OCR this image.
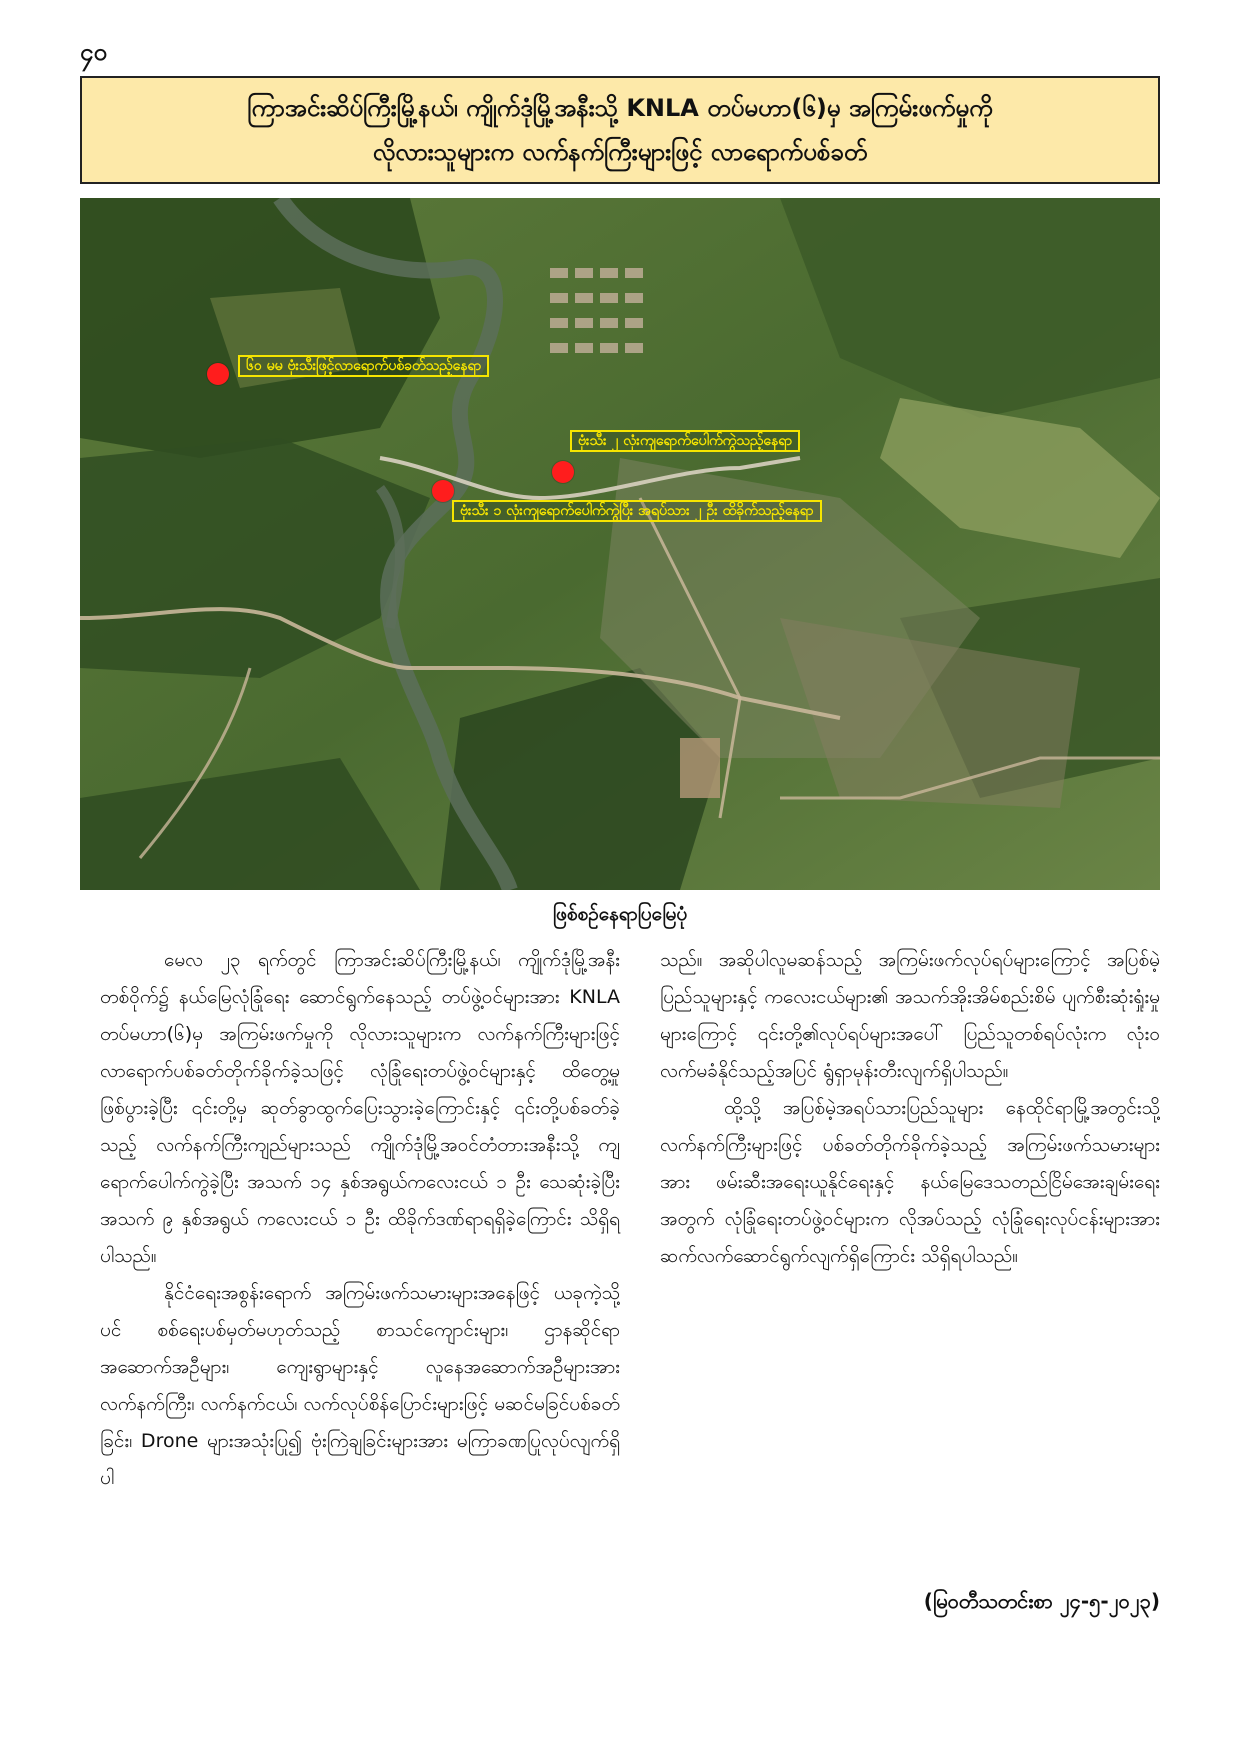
၄၀
ကြာအင်းဆိပ်ကြီးမြို့နယ်၊ ကျိုက်ဒုံမြို့အနီးသို့ KNLA တပ်မဟာ(၆)မှ အကြမ်းဖက်မှုကို
လိုလားသူများက လက်နက်ကြီးများဖြင့် လာရောက်ပစ်ခတ်
၆၀ မမ ဗုံးသီးဖြင့်လာရောက်ပစ်ခတ်သည့်နေရာ
ဗုံးသီး ၂ လုံးကျရောက်ပေါက်ကွဲသည့်နေရာ
ဗုံးသီး ၁ လုံးကျရောက်ပေါက်ကွဲပြီး အရပ်သား ၂ ဦး ထိခိုက်သည့်နေရာ
ဖြစ်စဉ်နေရာပြမြေပုံ

မေလ ၂၃ ရက်တွင် ကြာအင်းဆိပ်ကြီးမြို့နယ်၊ ကျိုက်ဒုံမြို့အနီးတစ်ဝိုက်၌ နယ်မြေလုံခြုံရေး ဆောင်ရွက်နေသည့် တပ်ဖွဲ့ဝင်များအား KNLA တပ်မဟာ(၆)မှ အကြမ်းဖက်မှုကို လိုလားသူများက လက်နက်ကြီးများဖြင့် လာရောက်ပစ်ခတ်တိုက်ခိုက်ခဲ့သဖြင့် လုံခြုံရေးတပ်ဖွဲ့ဝင်များနှင့် ထိတွေ့မှုဖြစ်ပွားခဲ့ပြီး ၎င်းတို့မှ ဆုတ်ခွာထွက်ပြေးသွားခဲ့ကြောင်းနှင့် ၎င်းတို့ပစ်ခတ်ခဲ့သည့် လက်နက်ကြီးကျည်များသည် ကျိုက်ဒုံမြို့အဝင်တံတားအနီးသို့ ကျရောက်ပေါက်ကွဲခဲ့ပြီး အသက် ၁၄ နှစ်အရွယ်ကလေးငယ် ၁ ဦး သေဆုံးခဲ့ပြီး အသက် ၉ နှစ်အရွယ် ကလေးငယ် ၁ ဦး ထိခိုက်ဒဏ်ရာရရှိခဲ့ကြောင်း သိရှိရပါသည်။

နိုင်ငံရေးအစွန်းရောက် အကြမ်းဖက်သမားများအနေဖြင့် ယခုကဲ့သို့ပင် စစ်ရေးပစ်မှတ်မဟုတ်သည့် စာသင်ကျောင်းများ၊ ဌာနဆိုင်ရာအဆောက်အဦများ၊ ကျေးရွာများနှင့် လူနေအဆောက်အဦများအား လက်နက်ကြီး၊ လက်နက်ငယ်၊ လက်လုပ်စိန်ပြောင်းများဖြင့် မဆင်မခြင်ပစ်ခတ်ခြင်း၊ Drone များအသုံးပြု၍ ဗုံးကြဲချခြင်းများအား မကြာခဏပြုလုပ်လျက်ရှိပါ

သည်။ အဆိုပါလူမဆန်သည့် အကြမ်းဖက်လုပ်ရပ်များကြောင့် အပြစ်မဲ့ပြည်သူများနှင့် ကလေးငယ်များ၏ အသက်အိုးအိမ်စည်းစိမ် ပျက်စီးဆုံးရှုံးမှုများကြောင့် ၎င်းတို့၏လုပ်ရပ်များအပေါ် ပြည်သူတစ်ရပ်လုံးက လုံးဝလက်မခံနိုင်သည့်အပြင် ရွံရှာမုန်းတီးလျက်ရှိပါသည်။

ထို့သို့ အပြစ်မဲ့အရပ်သားပြည်သူများ နေထိုင်ရာမြို့အတွင်းသို့ လက်နက်ကြီးများဖြင့် ပစ်ခတ်တိုက်ခိုက်ခဲ့သည့် အကြမ်းဖက်သမားများအား ဖမ်းဆီးအရေးယူနိုင်ရေးနှင့် နယ်မြေဒေသတည်ငြိမ်အေးချမ်းရေးအတွက် လုံခြုံရေးတပ်ဖွဲ့ဝင်များက လိုအပ်သည့် လုံခြုံရေးလုပ်ငန်းများအား ဆက်လက်ဆောင်ရွက်လျက်ရှိကြောင်း သိရှိရပါသည်။

(မြဝတီသတင်းစာ ၂၄-၅-၂၀၂၃)
